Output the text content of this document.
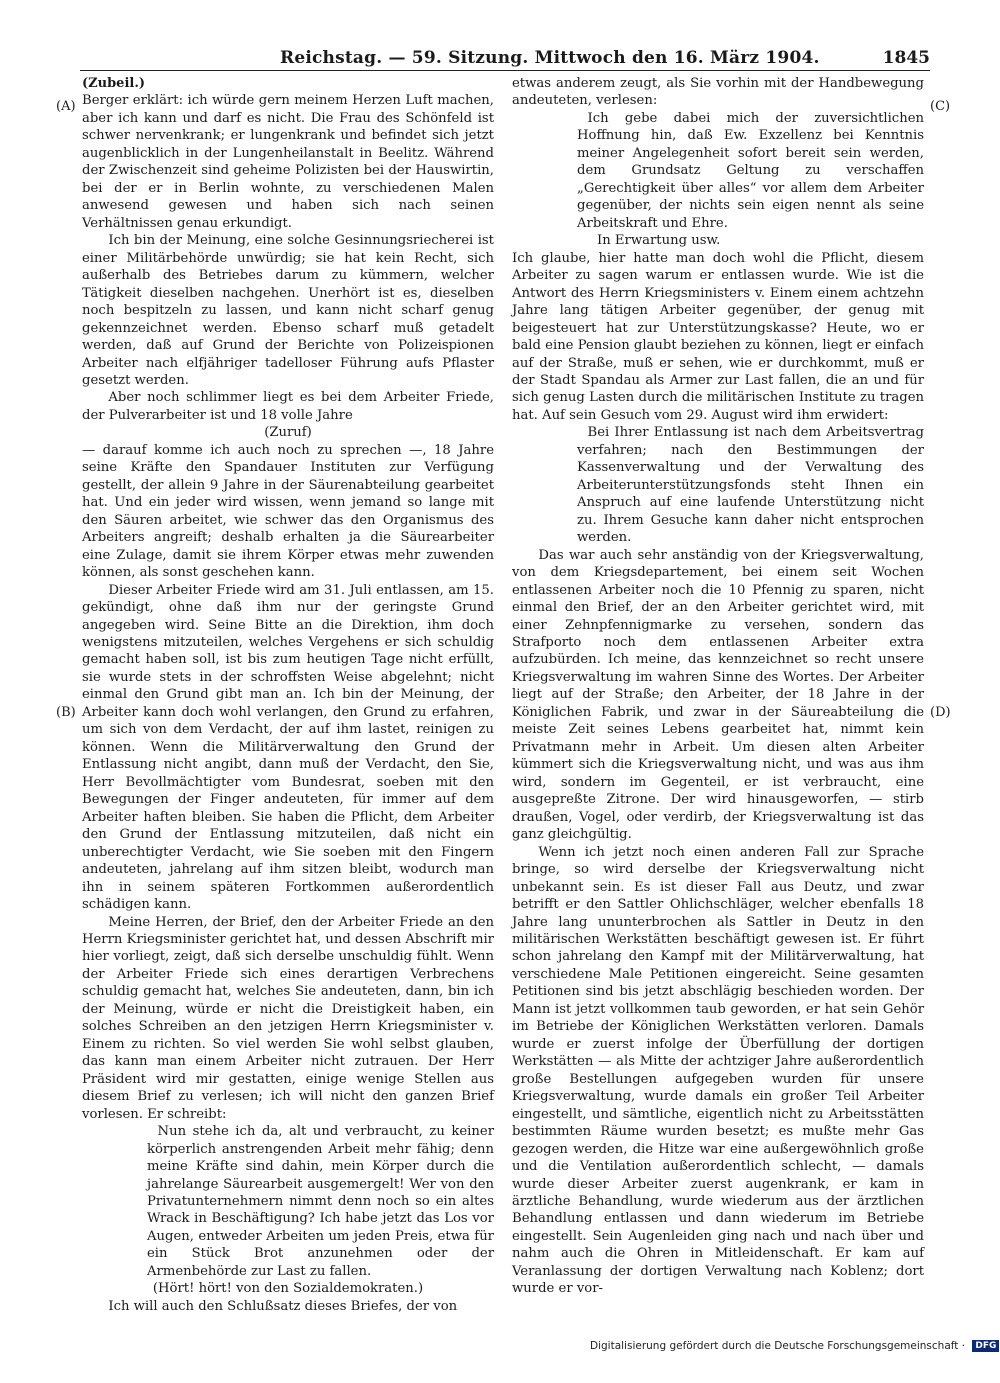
Reichstag. — 59. Sitzung. Mittwoch den 16. März 1904.	1845
(A)
(B)
(C)
(D)

(Zubeil.)

Berger erklärt: ich würde gern meinem Herzen Luft machen, aber ich kann und darf es nicht. Die Frau des Schönfeld ist schwer nervenkrank; er lungenkrank und befindet sich jetzt augenblicklich in der Lungenheilanstalt in Beelitz. Während der Zwischenzeit sind geheime Polizisten bei der Hauswirtin, bei der er in Berlin wohnte, zu verschiedenen Malen anwesend gewesen und haben sich nach seinen Verhältnissen genau erkundigt.

Ich bin der Meinung, eine solche Gesinnungsriecherei ist einer Militärbehörde unwürdig; sie hat kein Recht, sich außerhalb des Betriebes darum zu kümmern, welcher Tätigkeit dieselben nachgehen. Unerhört ist es, dieselben noch bespitzeln zu lassen, und kann nicht scharf genug gekennzeichnet werden. Ebenso scharf muß getadelt werden, daß auf Grund der Berichte von Polizeispionen Arbeiter nach elfjähriger tadelloser Führung aufs Pflaster gesetzt werden.

Aber noch schlimmer liegt es bei dem Arbeiter Friede, der Pulverarbeiter ist und 18 volle Jahre

(Zuruf)

— darauf komme ich auch noch zu sprechen —, 18 Jahre seine Kräfte den Spandauer Instituten zur Verfügung gestellt, der allein 9 Jahre in der Säurenabteilung gearbeitet hat. Und ein jeder wird wissen, wenn jemand so lange mit den Säuren arbeitet, wie schwer das den Organismus des Arbeiters angreift; deshalb erhalten ja die Säurearbeiter eine Zulage, damit sie ihrem Körper etwas mehr zuwenden können, als sonst geschehen kann.

Dieser Arbeiter Friede wird am 31. Juli entlassen, am 15. gekündigt, ohne daß ihm nur der geringste Grund angegeben wird. Seine Bitte an die Direktion, ihm doch wenigstens mitzuteilen, welches Vergehens er sich schuldig gemacht haben soll, ist bis zum heutigen Tage nicht erfüllt, sie wurde stets in der schroffsten Weise abgelehnt; nicht einmal den Grund gibt man an. Ich bin der Meinung, der Arbeiter kann doch wohl verlangen, den Grund zu erfahren, um sich von dem Verdacht, der auf ihm lastet, reinigen zu können. Wenn die Militärverwaltung den Grund der Entlassung nicht angibt, dann muß der Verdacht, den Sie, Herr Bevollmächtigter vom Bundesrat, soeben mit den Bewegungen der Finger andeuteten, für immer auf dem Arbeiter haften bleiben. Sie haben die Pflicht, dem Arbeiter den Grund der Entlassung mitzuteilen, daß nicht ein unberechtigter Verdacht, wie Sie soeben mit den Fingern andeuteten, jahrelang auf ihm sitzen bleibt, wodurch man ihn in seinem späteren Fortkommen außerordentlich schädigen kann.

Meine Herren, der Brief, den der Arbeiter Friede an den Herrn Kriegsminister gerichtet hat, und dessen Abschrift mir hier vorliegt, zeigt, daß sich derselbe unschuldig fühlt. Wenn der Arbeiter Friede sich eines derartigen Verbrechens schuldig gemacht hat, welches Sie andeuteten, dann, bin ich der Meinung, würde er nicht die Dreistigkeit haben, ein solches Schreiben an den jetzigen Herrn Kriegsminister v. Einem zu richten. So viel werden Sie wohl selbst glauben, das kann man einem Arbeiter nicht zutrauen. Der Herr Präsident wird mir gestatten, einige wenige Stellen aus diesem Brief zu verlesen; ich will nicht den ganzen Brief vorlesen. Er schreibt:

Nun stehe ich da, alt und verbraucht, zu keiner körperlich anstrengenden Arbeit mehr fähig; denn meine Kräfte sind dahin, mein Körper durch die jahrelange Säurearbeit ausgemergelt! Wer von den Privatunternehmern nimmt denn noch so ein altes Wrack in Beschäftigung? Ich habe jetzt das Los vor Augen, entweder Arbeiten um jeden Preis, etwa für ein Stück Brot anzunehmen oder der Armenbehörde zur Last zu fallen.

(Hört! hört! von den Sozialdemokraten.)

Ich will auch den Schlußsatz dieses Briefes, der von

etwas anderem zeugt, als Sie vorhin mit der Handbewegung andeuteten, verlesen:

Ich gebe dabei mich der zuversichtlichen Hoffnung hin, daß Ew. Exzellenz bei Kenntnis meiner Angelegenheit sofort bereit sein werden, dem Grundsatz Geltung zu verschaffen „Gerechtigkeit über alles“ vor allem dem Arbeiter gegenüber, der nichts sein eigen nennt als seine Arbeitskraft und Ehre.

In Erwartung usw.

Ich glaube, hier hatte man doch wohl die Pflicht, diesem Arbeiter zu sagen warum er entlassen wurde. Wie ist die Antwort des Herrn Kriegsministers v. Einem einem achtzehn Jahre lang tätigen Arbeiter gegenüber, der genug mit beigesteuert hat zur Unterstützungskasse? Heute, wo er bald eine Pension glaubt beziehen zu können, liegt er einfach auf der Straße, muß er sehen, wie er durchkommt, muß er der Stadt Spandau als Armer zur Last fallen, die an und für sich genug Lasten durch die militärischen Institute zu tragen hat. Auf sein Gesuch vom 29. August wird ihm erwidert:

Bei Ihrer Entlassung ist nach dem Arbeitsvertrag verfahren; nach den Bestimmungen der Kassenverwaltung und der Verwaltung des Arbeiterunterstützungsfonds steht Ihnen ein Anspruch auf eine laufende Unterstützung nicht zu. Ihrem Gesuche kann daher nicht entsprochen werden.

Das war auch sehr anständig von der Kriegsverwaltung, von dem Kriegsdepartement, bei einem seit Wochen entlassenen Arbeiter noch die 10 Pfennig zu sparen, nicht einmal den Brief, der an den Arbeiter gerichtet wird, mit einer Zehnpfennigmarke zu versehen, sondern das Strafporto noch dem entlassenen Arbeiter extra aufzubürden. Ich meine, das kennzeichnet so recht unsere Kriegsverwaltung im wahren Sinne des Wortes. Der Arbeiter liegt auf der Straße; den Arbeiter, der 18 Jahre in der Königlichen Fabrik, und zwar in der Säureabteilung die meiste Zeit seines Lebens gearbeitet hat, nimmt kein Privatmann mehr in Arbeit. Um diesen alten Arbeiter kümmert sich die Kriegsverwaltung nicht, und was aus ihm wird, sondern im Gegenteil, er ist verbraucht, eine ausgepreßte Zitrone. Der wird hinausgeworfen, — stirb draußen, Vogel, oder verdirb, der Kriegsverwaltung ist das ganz gleichgültig.

Wenn ich jetzt noch einen anderen Fall zur Sprache bringe, so wird derselbe der Kriegsverwaltung nicht unbekannt sein. Es ist dieser Fall aus Deutz, und zwar betrifft er den Sattler Ohlichschläger, welcher ebenfalls 18 Jahre lang ununterbrochen als Sattler in Deutz in den militärischen Werkstätten beschäftigt gewesen ist. Er führt schon jahrelang den Kampf mit der Militärverwaltung, hat verschiedene Male Petitionen eingereicht. Seine gesamten Petitionen sind bis jetzt abschlägig beschieden worden. Der Mann ist jetzt vollkommen taub geworden, er hat sein Gehör im Betriebe der Königlichen Werkstätten verloren. Damals wurde er zuerst infolge der Überfüllung der dortigen Werkstätten — als Mitte der achtziger Jahre außerordentlich große Bestellungen aufgegeben wurden für unsere Kriegsverwaltung, wurde damals ein großer Teil Arbeiter eingestellt, und sämtliche, eigentlich nicht zu Arbeitsstätten bestimmten Räume wurden besetzt; es mußte mehr Gas gezogen werden, die Hitze war eine außergewöhnlich große und die Ventilation außerordentlich schlecht, — damals wurde dieser Arbeiter zuerst augenkrank, er kam in ärztliche Behandlung, wurde wiederum aus der ärztlichen Behandlung entlassen und dann wiederum im Betriebe eingestellt. Sein Augenleiden ging nach und nach über und nahm auch die Ohren in Mitleidenschaft. Er kam auf Veranlassung der dortigen Verwaltung nach Koblenz; dort wurde er vor-

Digitalisierung gefördert durch die Deutsche Forschungsgemeinschaft · DFG
